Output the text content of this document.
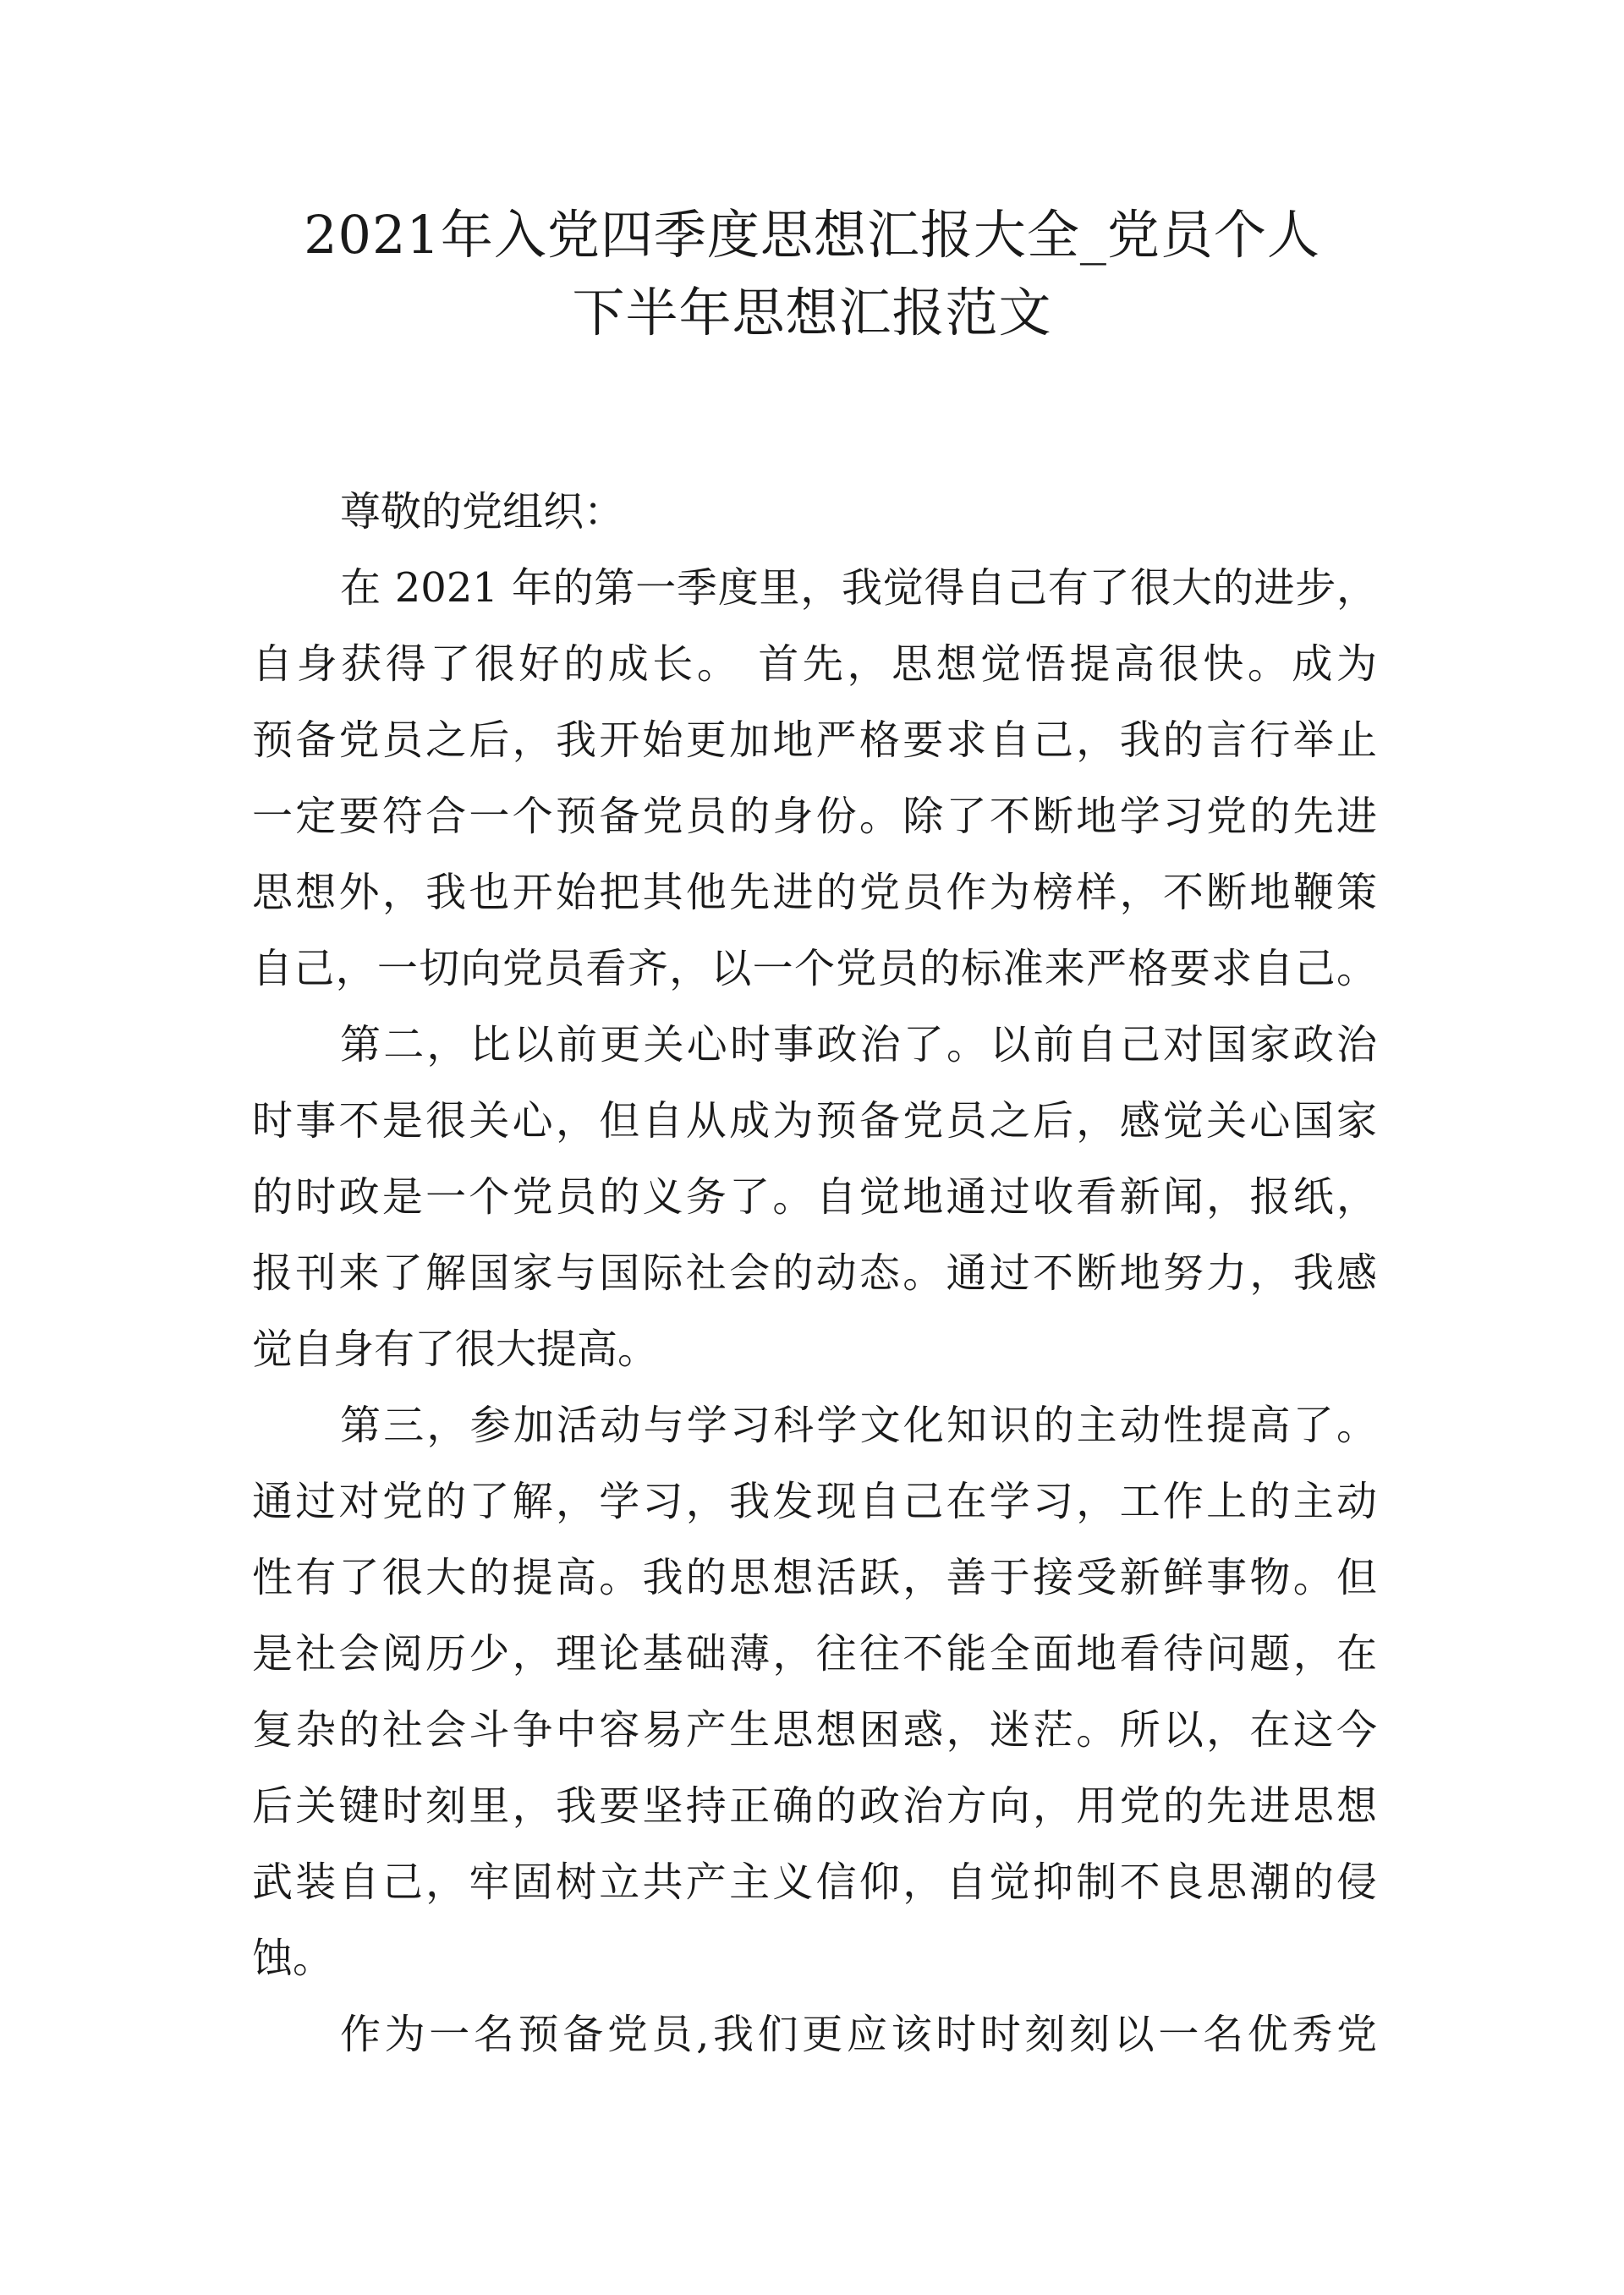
2021年入党四季度思想汇报大全_党员个人
下半年思想汇报范文
尊敬的党组织：
在 2021 年的第一季度里，我觉得自己有了很大的进步，
自身获得了很好的成长。 首先，思想觉悟提高很快。成为
预备党员之后，我开始更加地严格要求自己，我的言行举止
一定要符合一个预备党员的身份。除了不断地学习党的先进
思想外，我也开始把其他先进的党员作为榜样，不断地鞭策
自己，一切向党员看齐，以一个党员的标准来严格要求自己。
第二，比以前更关心时事政治了。以前自己对国家政治
时事不是很关心，但自从成为预备党员之后，感觉关心国家
的时政是一个党员的义务了。自觉地通过收看新闻，报纸，
报刊来了解国家与国际社会的动态。通过不断地努力，我感
觉自身有了很大提高。
第三，参加活动与学习科学文化知识的主动性提高了。
通过对党的了解，学习，我发现自己在学习，工作上的主动
性有了很大的提高。我的思想活跃，善于接受新鲜事物。但
是社会阅历少，理论基础薄，往往不能全面地看待问题，在
复杂的社会斗争中容易产生思想困惑，迷茫。所以，在这今
后关键时刻里，我要坚持正确的政治方向，用党的先进思想
武装自己，牢固树立共产主义信仰，自觉抑制不良思潮的侵
蚀。
作为一名预备党员,我们更应该时时刻刻以一名优秀党
